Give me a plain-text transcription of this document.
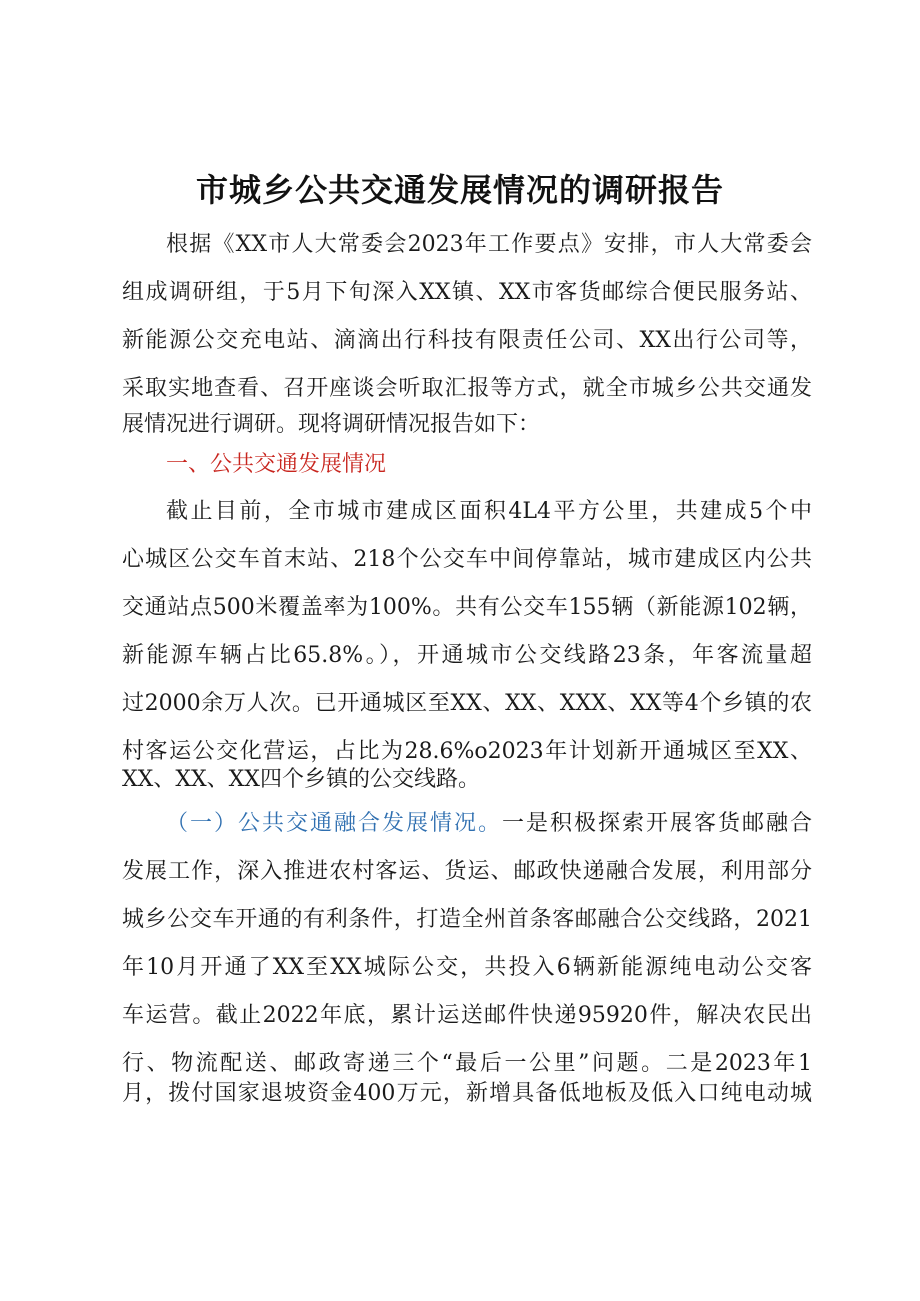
市城乡公共交通发展情况的调研报告
根据《XX市人大常委会2023年工作要点》安排，市人大常委会
组成调研组，于5月下旬深入XX镇、XX市客货邮综合便民服务站、
新能源公交充电站、滴滴出行科技有限责任公司、XX出行公司等，
采取实地查看、召开座谈会听取汇报等方式，就全市城乡公共交通发
展情况进行调研。现将调研情况报告如下：
一、公共交通发展情况
截止目前，全市城市建成区面积4L4平方公里，共建成5个中
心城区公交车首末站、218个公交车中间停靠站，城市建成区内公共
交通站点500米覆盖率为100%。共有公交车155辆（新能源102辆，
新能源车辆占比65.8%。），开通城市公交线路23条，年客流量超
过2000余万人次。已开通城区至XX、XX、XXX、XX等4个乡镇的农
村客运公交化营运，占比为28.6%o2023年计划新开通城区至XX、
XX、XX、XX四个乡镇的公交线路。
（一）公共交通融合发展情况。一是积极探索开展客货邮融合
发展工作，深入推进农村客运、货运、邮政快递融合发展，利用部分
城乡公交车开通的有利条件，打造全州首条客邮融合公交线路，2021
年10月开通了XX至XX城际公交，共投入6辆新能源纯电动公交客
车运营。截止2022年底，累计运送邮件快递95920件，解决农民出
行、物流配送、邮政寄递三个“最后一公里”问题。二是2023年1
月，拨付国家退坡资金400万元，新增具备低地板及低入口纯电动城
